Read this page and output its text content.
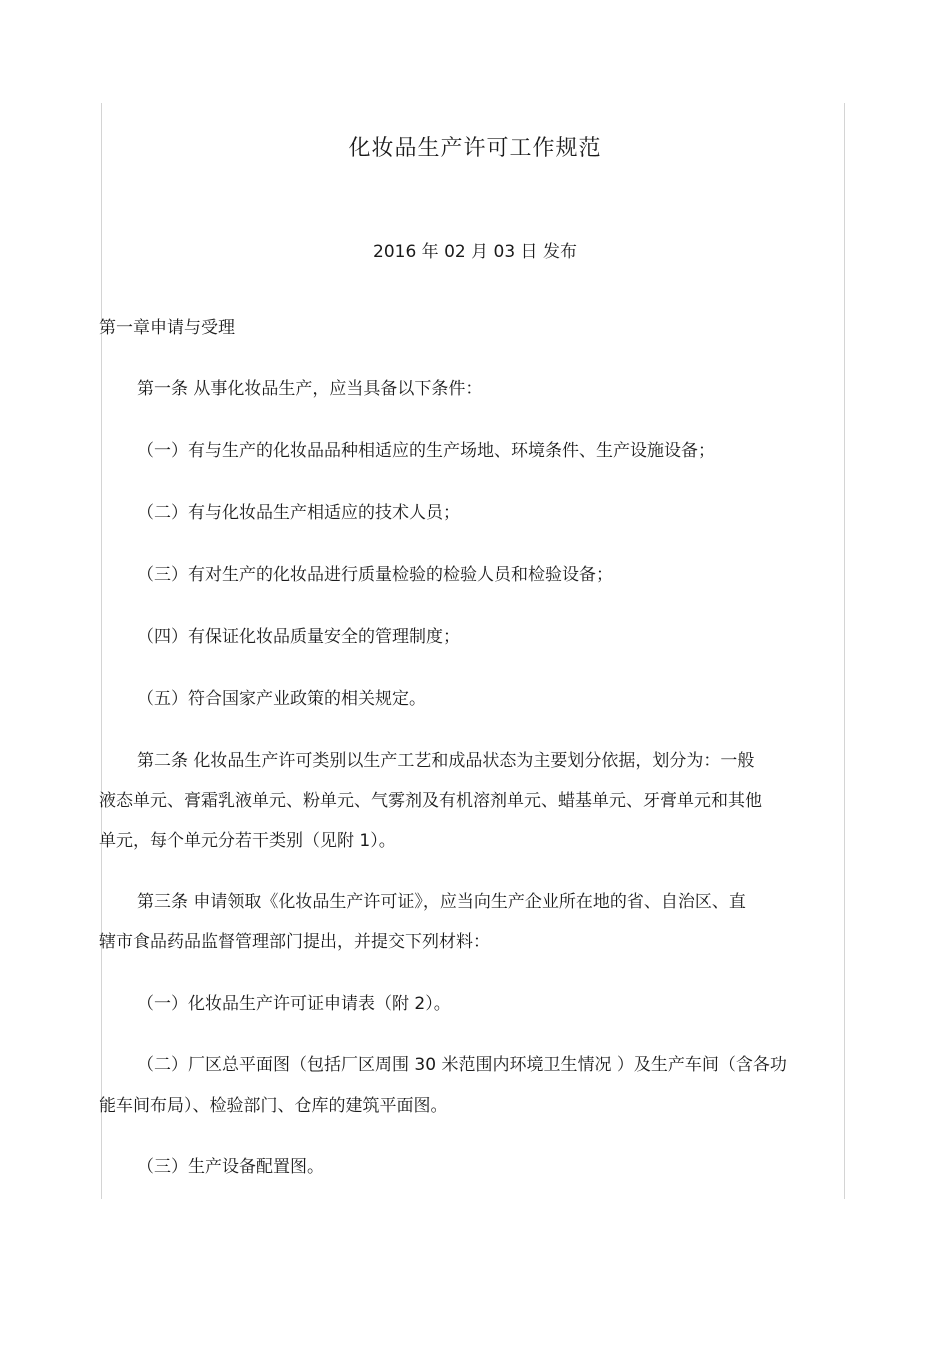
化妆品生产许可工作规范

2016 年 02 月 03 日 发布

第一章申请与受理

第一条 从事化妆品生产，应当具备以下条件：

（一）有与生产的化妆品品种相适应的生产场地、环境条件、生产设施设备；

（二）有与化妆品生产相适应的技术人员；

（三）有对生产的化妆品进行质量检验的检验人员和检验设备；

（四）有保证化妆品质量安全的管理制度；

（五）符合国家产业政策的相关规定。

第二条 化妆品生产许可类别以生产工艺和成品状态为主要划分依据，划分为：一般

液态单元、膏霜乳液单元、粉单元、气雾剂及有机溶剂单元、蜡基单元、牙膏单元和其他

单元，每个单元分若干类别（见附 1）。

第三条 申请领取《化妆品生产许可证》，应当向生产企业所在地的省、自治区、直

辖市食品药品监督管理部门提出，并提交下列材料：

（一）化妆品生产许可证申请表（附 2）。

（二）厂区总平面图（包括厂区周围 30 米范围内环境卫生情况 ）及生产车间（含各功

能车间布局）、检验部门、仓库的建筑平面图。

（三）生产设备配置图。
